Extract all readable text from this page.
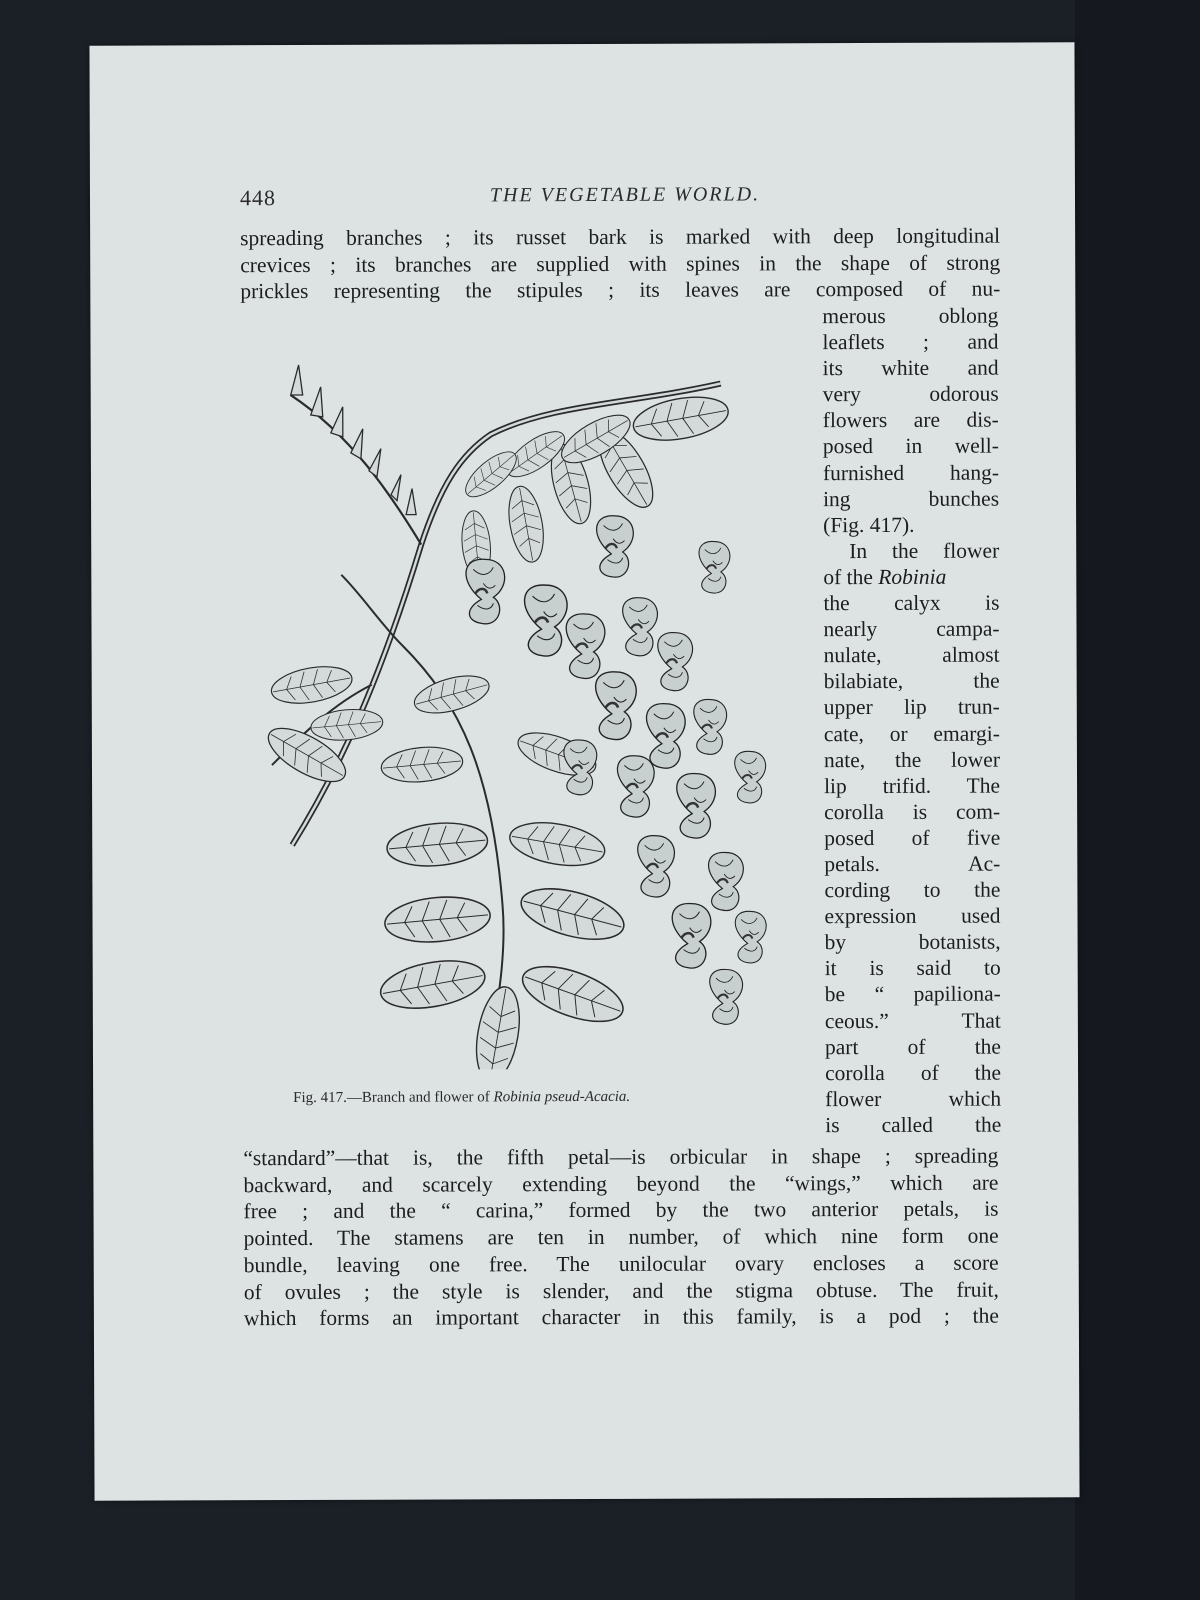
448	THE VEGETABLE WORLD.
spreading branches ; its russet bark is marked with deep longitudinal
crevices ; its branches are supplied with spines in the shape of strong
prickles representing the stipules ; its leaves are composed of nu-
merous oblong
leaflets ; and
its white and
very odorous
flowers are dis-
posed in well-
furnished hang-
ing bunches
(Fig. 417).
In the flower
of the Robinia
the calyx is
nearly campa-
nulate, almost
bilabiate, the
upper lip trun-
cate, or emargi-
nate, the lower
lip trifid. The
corolla is com-
posed of five
petals. Ac-
cording to the
expression used
by botanists,
it is said to
be “ papiliona-
ceous.” That
part of the
corolla of the
flower which
is called the
Fig. 417.—Branch and flower of Robinia pseud-Acacia.
“standard”—that is, the fifth petal—is orbicular in shape ; spreading
backward, and scarcely extending beyond the “wings,” which are
free ; and the “ carina,” formed by the two anterior petals, is
pointed. The stamens are ten in number, of which nine form one
bundle, leaving one free. The unilocular ovary encloses a score
of ovules ; the style is slender, and the stigma obtuse. The fruit,
which forms an important character in this family, is a pod ; the
